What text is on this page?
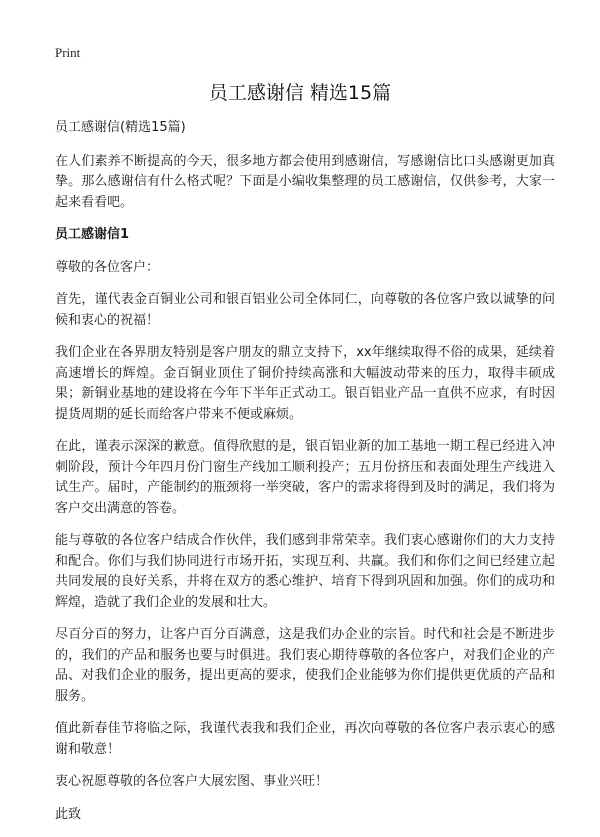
Print
员工感谢信 精选15篇

员工感谢信(精选15篇)

在人们素养不断提高的今天，很多地方都会使用到感谢信，写感谢信比口头感谢更加真挚。那么感谢信有什么格式呢？下面是小编收集整理的员工感谢信，仅供参考，大家一起来看看吧。

员工感谢信1

尊敬的各位客户：

首先，谨代表金百铜业公司和银百铝业公司全体同仁，向尊敬的各位客户致以诚挚的问候和衷心的祝福！

我们企业在各界朋友特别是客户朋友的鼎立支持下，xx年继续取得不俗的成果，延续着高速增长的辉煌。金百铜业顶住了铜价持续高涨和大幅波动带来的压力，取得丰硕成果；新铜业基地的建设将在今年下半年正式动工。银百铝业产品一直供不应求，有时因提货周期的延长而给客户带来不便或麻烦。

在此，谨表示深深的歉意。值得欣慰的是，银百铝业新的加工基地一期工程已经进入冲刺阶段，预计今年四月份门窗生产线加工顺利投产；五月份挤压和表面处理生产线进入试生产。届时，产能制约的瓶颈将一举突破，客户的需求将得到及时的满足，我们将为客户交出满意的答卷。

能与尊敬的各位客户结成合作伙伴，我们感到非常荣幸。我们衷心感谢你们的大力支持和配合。你们与我们协同进行市场开拓，实现互利、共赢。我们和你们之间已经建立起共同发展的良好关系，并将在双方的悉心维护、培育下得到巩固和加强。你们的成功和辉煌，造就了我们企业的发展和壮大。

尽百分百的努力，让客户百分百满意，这是我们办企业的宗旨。时代和社会是不断进步的，我们的产品和服务也要与时俱进。我们衷心期待尊敬的各位客户，对我们企业的产品、对我们企业的服务，提出更高的要求，使我们企业能够为你们提供更优质的产品和服务。

值此新春佳节将临之际，我谨代表我和我们企业，再次向尊敬的各位客户表示衷心的感谢和敬意！

衷心祝愿尊敬的各位客户大展宏图、事业兴旺！

此致
